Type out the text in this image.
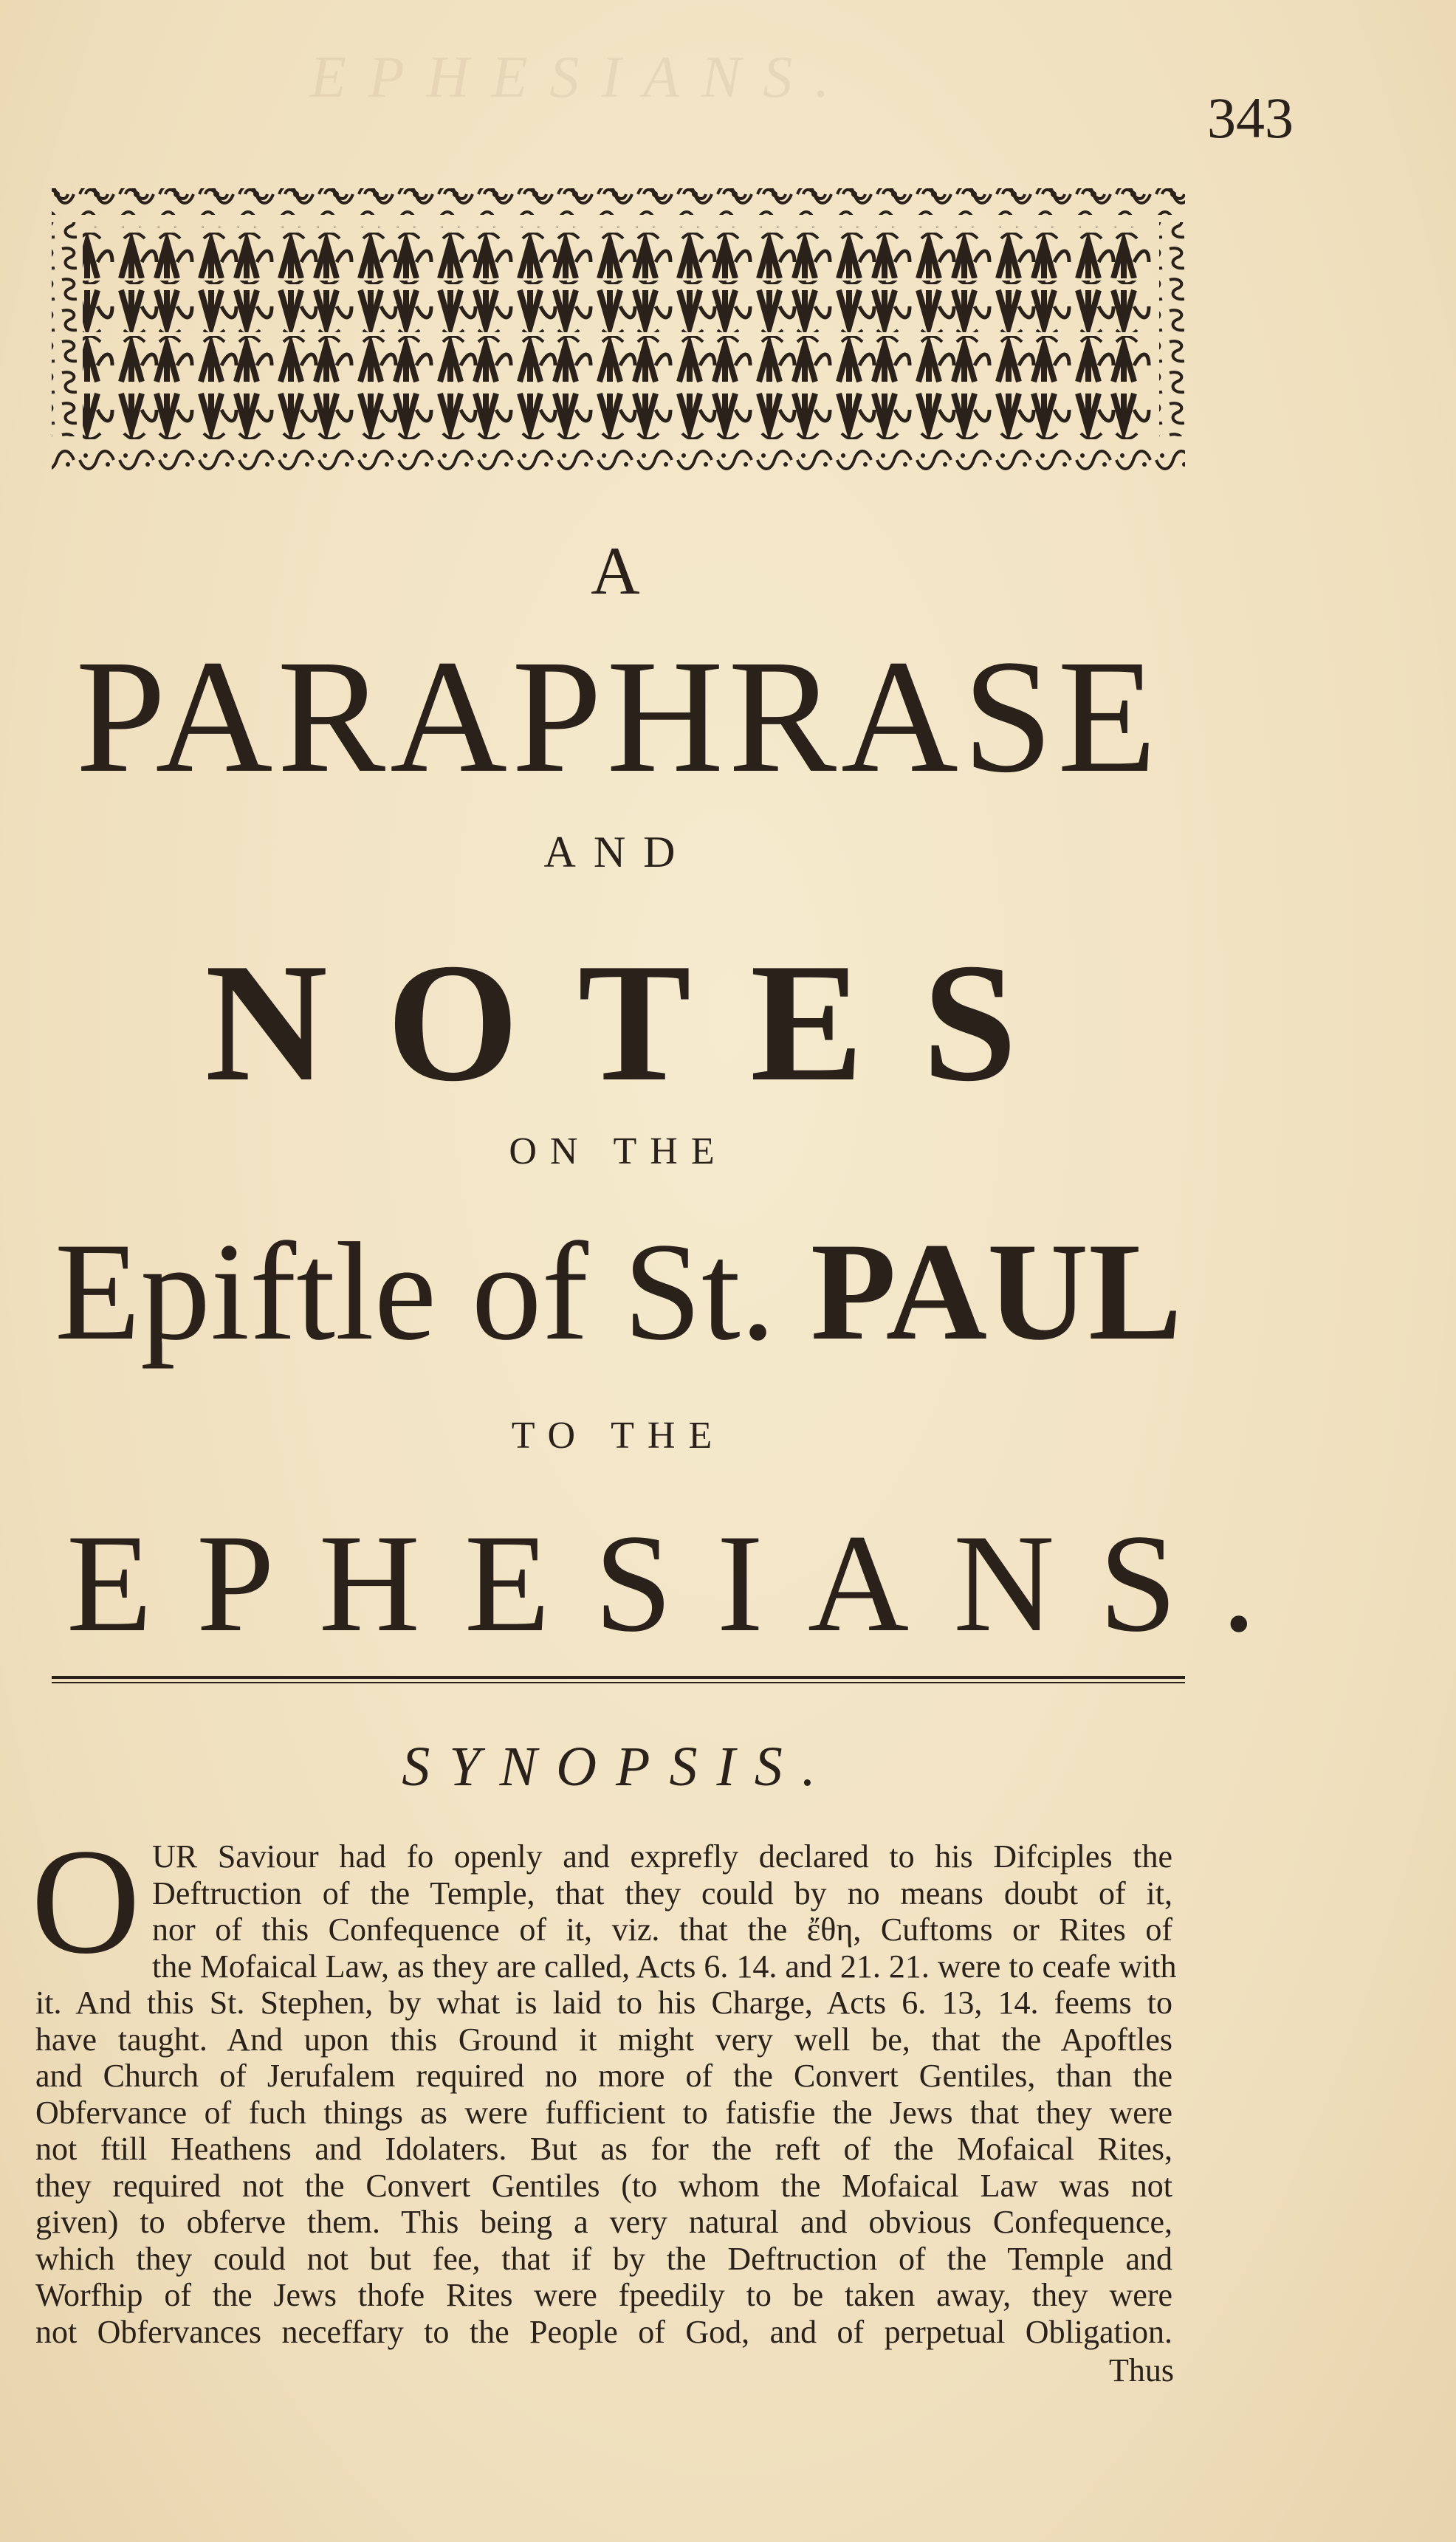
EPHESIANS.
343
A
PARAPHRASE
AND
NOTES
ON THE
Epiftle of St. PAUL
TO THE
EPHESIANS.
SYNOPSIS.
O UR Saviour had fo openly and exprefly declared to his Difciples the
Deftruction of the Temple, that they could by no means doubt of it,
nor of this Confequence of it, viz. that the ἔθη, Cuftoms or Rites of
the Mofaical Law, as they are called, Acts 6. 14. and 21. 21. were to ceafe with
it. And this St. Stephen, by what is laid to his Charge, Acts 6. 13, 14. feems to
have taught. And upon this Ground it might very well be, that the Apoftles
and Church of Jerufalem required no more of the Convert Gentiles, than the
Obfervance of fuch things as were fufficient to fatisfie the Jews that they were
not ftill Heathens and Idolaters. But as for the reft of the Mofaical Rites,
they required not the Convert Gentiles (to whom the Mofaical Law was not
given) to obferve them. This being a very natural and obvious Confequence,
which they could not but fee, that if by the Deftruction of the Temple and
Worfhip of the Jews thofe Rites were fpeedily to be taken away, they were
not Obfervances neceffary to the People of God, and of perpetual Obligation.
Thus
